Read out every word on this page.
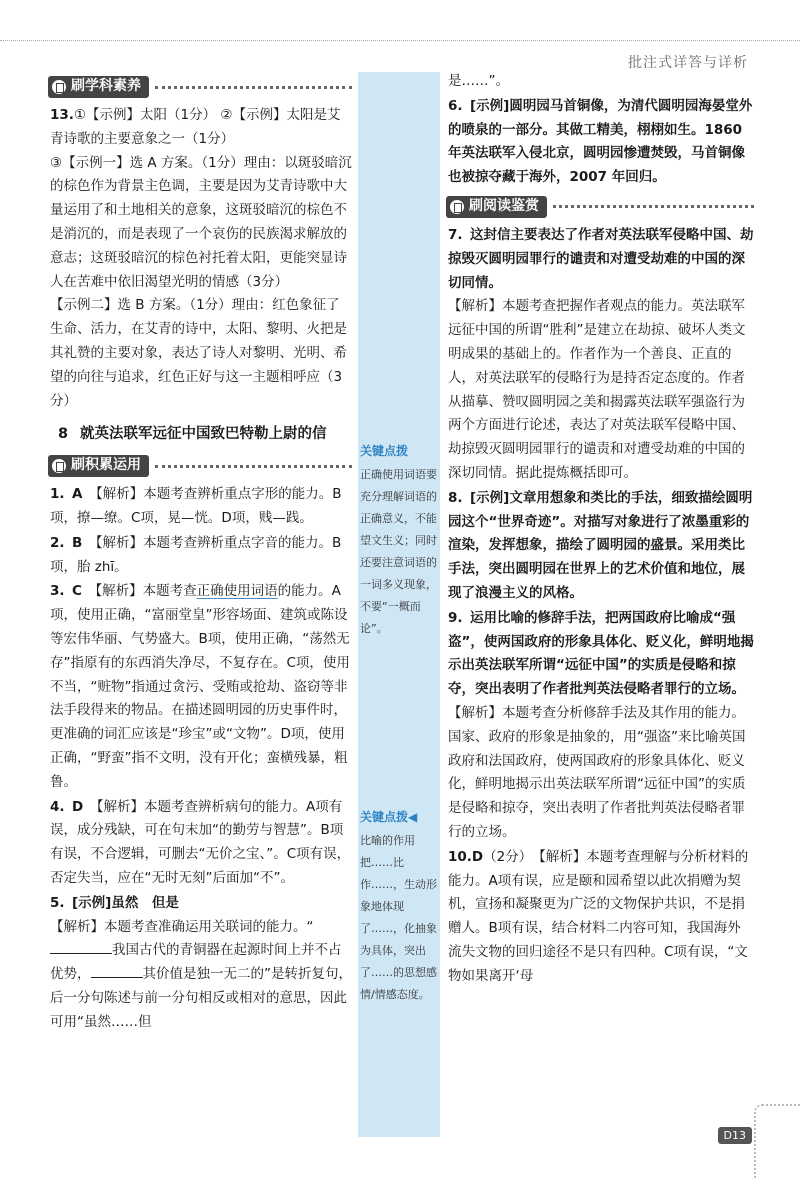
批注式详答与详析
刷学科素养
13.①【示例】太阳（1分） ②【示例】太阳是艾青诗歌的主要意象之一（1分）
③【示例一】选 A 方案。（1分）理由：以斑驳暗沉的棕色作为背景主色调，主要是因为艾青诗歌中大量运用了和土地相关的意象，这斑驳暗沉的棕色不是消沉的，而是表现了一个哀伤的民族渴求解放的意志；这斑驳暗沉的棕色衬托着太阳，更能突显诗人在苦难中依旧渴望光明的情感（3分）
【示例二】选 B 方案。（1分）理由：红色象征了生命、活力，在艾青的诗中，太阳、黎明、火把是其礼赞的主要对象，表达了诗人对黎明、光明、希望的向往与追求，红色正好与这一主题相呼应（3分）
8 就英法联军远征中国致巴特勒上尉的信
刷积累运用
1. A　 【解析】本题考查辨析重点字形的能力。B项，撩—缭。C项，晃—恍。D项，贱—践。
2. B　 【解析】本题考查辨析重点字音的能力。B项，胎 zhī。
3. C　 【解析】本题考查正确使用词语的能力。A项，使用正确，“富丽堂皇”形容场面、建筑或陈设等宏伟华丽、气势盛大。B项，使用正确，“荡然无存”指原有的东西消失净尽，不复存在。C项，使用不当，“赃物”指通过贪污、受贿或抢劫、盗窃等非法手段得来的物品。在描述圆明园的历史事件时，更准确的词汇应该是“珍宝”或“文物”。D项，使用正确，“野蛮”指不文明，没有开化；蛮横残暴，粗鲁。
4. D　 【解析】本题考查辨析病句的能力。A项有误，成分残缺，可在句末加“的勤劳与智慧”。B项有误，不合逻辑，可删去“无价之宝、”。C项有误，否定失当，应在“无时无刻”后面加“不”。
5. [示例]虽然　但是
【解析】本题考查准确运用关联词的能力。“我国古代的青铜器在起源时间上并不占优势，	其价值是独一无二的”是转折复句，后一分句陈述与前一分句相反或相对的意思，因此可用“虽然……但
关键点拨
正确使用词语要充分理解词语的正确意义，不能望文生义；同时还要注意词语的一词多义现象，不要“一概而论”。
关键点拨◀
比喻的作用把……比作……，生动形象地体现了……，化抽象为具体，突出了……的思想感情/情感态度。
是……”。
6. [示例]圆明园马首铜像，为清代圆明园海晏堂外的喷泉的一部分。其做工精美，栩栩如生。1860 年英法联军入侵北京，圆明园惨遭焚毁，马首铜像也被掠夺藏于海外，2007 年回归。
刷阅读鉴赏
7. 这封信主要表达了作者对英法联军侵略中国、劫掠毁灭圆明园罪行的谴责和对遭受劫难的中国的深切同情。
【解析】本题考查把握作者观点的能力。英法联军远征中国的所谓“胜利”是建立在劫掠、破坏人类文明成果的基础上的。作者作为一个善良、正直的人，对英法联军的侵略行为是持否定态度的。作者从描摹、赞叹圆明园之美和揭露英法联军强盗行为两个方面进行论述，表达了对英法联军侵略中国、劫掠毁灭圆明园罪行的谴责和对遭受劫难的中国的深切同情。据此提炼概括即可。
8. [示例]文章用想象和类比的手法，细致描绘圆明园这个“世界奇迹”。对描写对象进行了浓墨重彩的渲染，发挥想象，描绘了圆明园的盛景。采用类比手法，突出圆明园在世界上的艺术价值和地位，展现了浪漫主义的风格。
9. 运用比喻的修辞手法，把两国政府比喻成“强盗”，使两国政府的形象具体化、贬义化，鲜明地揭示出英法联军所谓“远征中国”的实质是侵略和掠夺，突出表明了作者批判英法侵略者罪行的立场。
【解析】本题考查分析修辞手法及其作用的能力。国家、政府的形象是抽象的，用“强盗”来比喻英国政府和法国政府，使两国政府的形象具体化、贬义化，鲜明地揭示出英法联军所谓“远征中国”的实质是侵略和掠夺，突出表明了作者批判英法侵略者罪行的立场。
10.D（2分）　 【解析】本题考查理解与分析材料的能力。A项有误，应是颐和园希望以此次捐赠为契机，宣扬和凝聚更为广泛的文物保护共识，不是捐赠人。B项有误，结合材料二内容可知，我国海外流失文物的回归途径不是只有四种。C项有误，“文物如果离开‘母
D13
